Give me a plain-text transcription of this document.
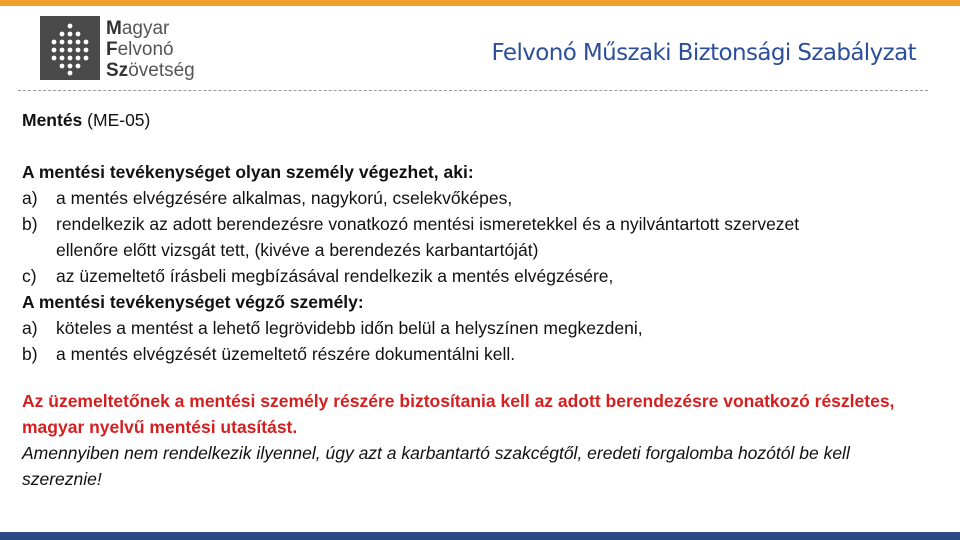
Magyar
Felvonó
Szövetség
Felvonó Műszaki Biztonsági Szabályzat
Mentés (ME-05)
A mentési tevékenységet olyan személy végezhet, aki:
a) a mentés elvégzésére alkalmas, nagykorú, cselekvőképes,
b) rendelkezik az adott berendezésre vonatkozó mentési ismeretekkel és a nyilvántartott szervezet ellenőre előtt vizsgát tett, (kivéve a berendezés karbantartóját)
c) az üzemeltető írásbeli megbízásával rendelkezik a mentés elvégzésére,
A mentési tevékenységet végző személy:
a) köteles a mentést a lehető legrövidebb időn belül a helyszínen megkezdeni,
b) a mentés elvégzését üzemeltető részére dokumentálni kell.
Az üzemeltetőnek a mentési személy részére biztosítania kell az adott berendezésre vonatkozó részletes, magyar nyelvű mentési utasítást.
Amennyiben nem rendelkezik ilyennel, úgy azt a karbantartó szakcégtől, eredeti forgalomba hozótól be kell szereznie!
